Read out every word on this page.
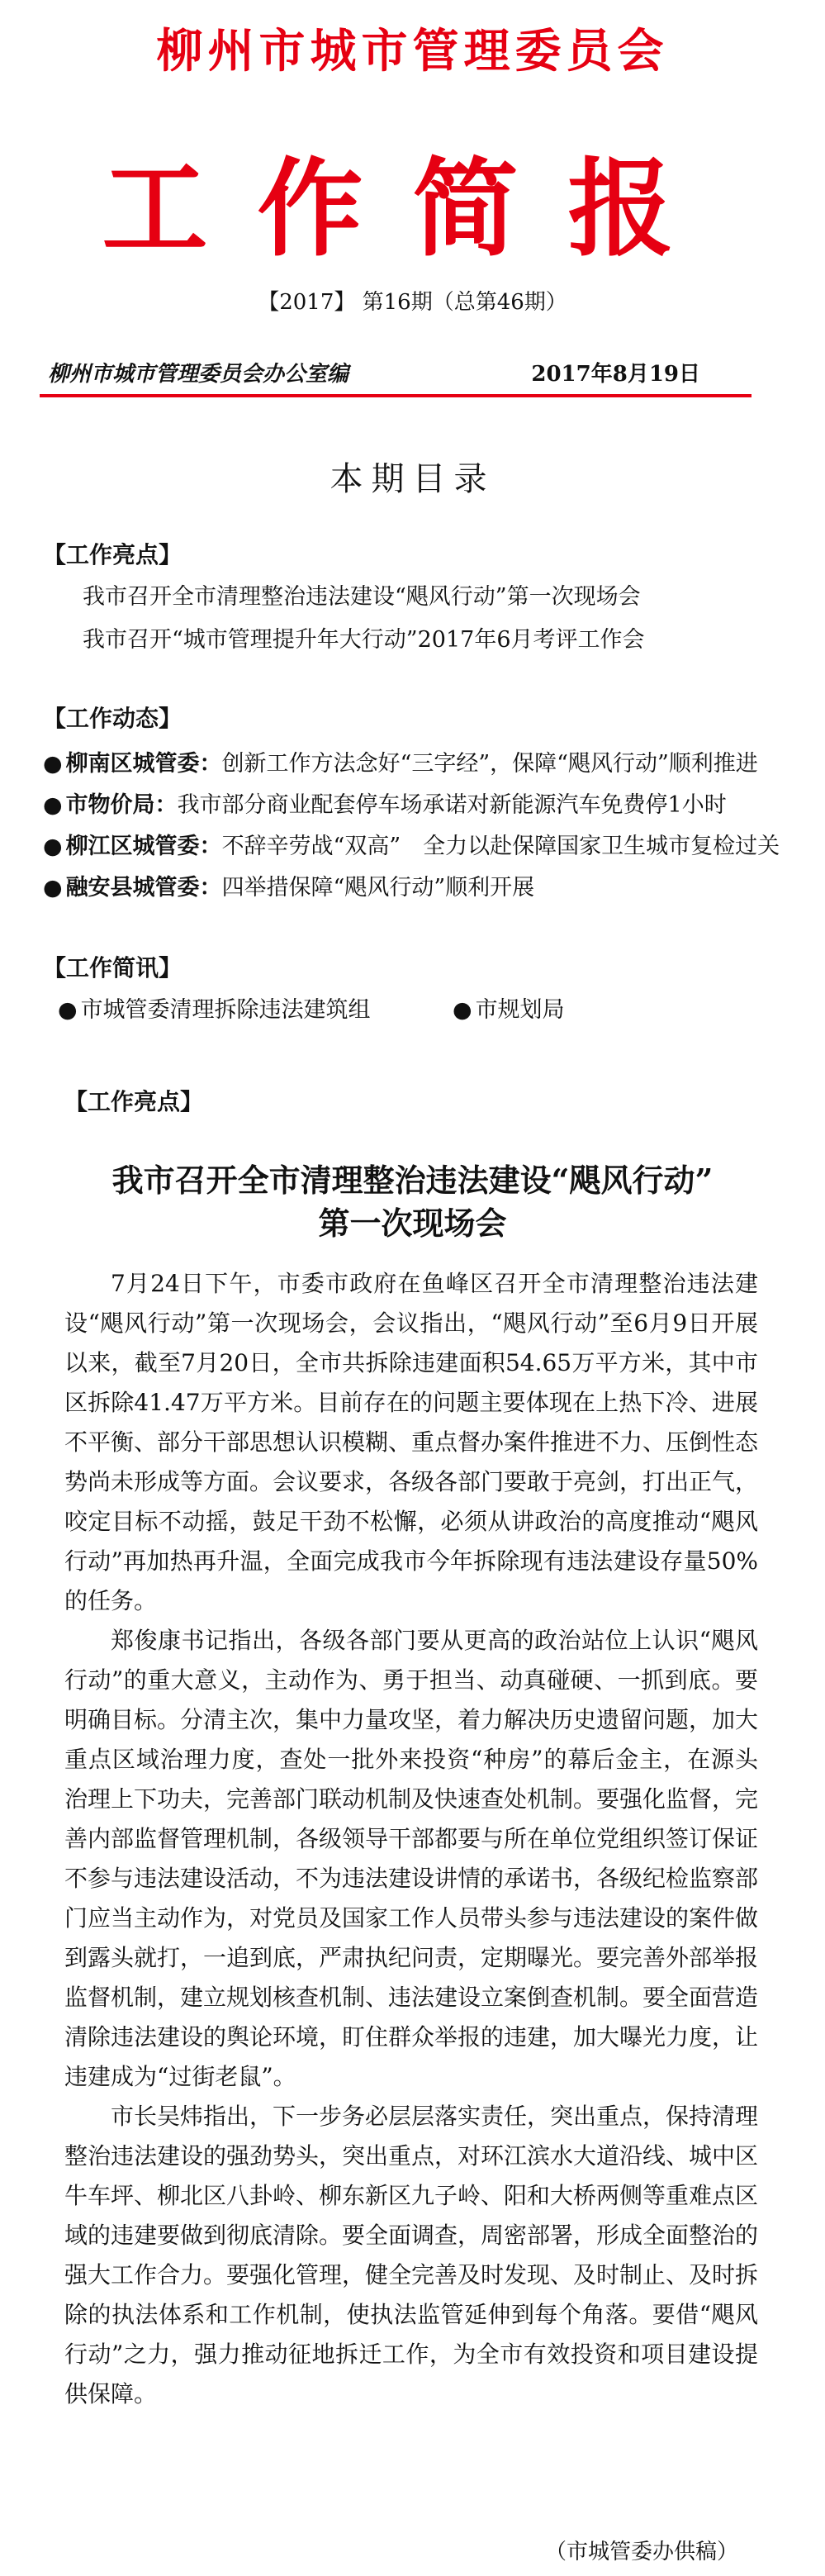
柳州市城市管理委员会
工作简报
【2017】 第16期（总第46期）
柳州市城市管理委员会办公室编	2017年8月19日
本期目录
【工作亮点】
我市召开全市清理整治违法建设“飓风行动”第一次现场会
我市召开“城市管理提升年大行动”2017年6月考评工作会
【工作动态】
● 柳南区城管委：创新工作方法念好“三字经”，保障“飓风行动”顺利推进
● 市物价局：我市部分商业配套停车场承诺对新能源汽车免费停1小时
● 柳江区城管委：不辞辛劳战“双高”　全力以赴保障国家卫生城市复检过关
● 融安县城管委：四举措保障“飓风行动”顺利开展
【工作简讯】
● 市城管委清理拆除违法建筑组	● 市规划局
【工作亮点】
我市召开全市清理整治违法建设“飓风行动”
第一次现场会

7月24日下午，市委市政府在鱼峰区召开全市清理整治违法建设“飓风行动”第一次现场会，会议指出，“飓风行动”至6月9日开展以来，截至7月20日，全市共拆除违建面积54.65万平方米，其中市区拆除41.47万平方米。目前存在的问题主要体现在上热下冷、进展不平衡、部分干部思想认识模糊、重点督办案件推进不力、压倒性态势尚未形成等方面。会议要求，各级各部门要敢于亮剑，打出正气，咬定目标不动摇，鼓足干劲不松懈，必须从讲政治的高度推动“飓风行动”再加热再升温，全面完成我市今年拆除现有违法建设存量50%的任务。

郑俊康书记指出，各级各部门要从更高的政治站位上认识“飓风行动”的重大意义，主动作为、勇于担当、动真碰硬、一抓到底。要明确目标。分清主次，集中力量攻坚，着力解决历史遗留问题，加大重点区域治理力度，查处一批外来投资“种房”的幕后金主，在源头治理上下功夫，完善部门联动机制及快速查处机制。要强化监督，完善内部监督管理机制，各级领导干部都要与所在单位党组织签订保证不参与违法建设活动，不为违法建设讲情的承诺书，各级纪检监察部门应当主动作为，对党员及国家工作人员带头参与违法建设的案件做到露头就打，一追到底，严肃执纪问责，定期曝光。要完善外部举报监督机制，建立规划核查机制、违法建设立案倒查机制。要全面营造清除违法建设的舆论环境，盯住群众举报的违建，加大曝光力度，让违建成为“过街老鼠”。

市长吴炜指出，下一步务必层层落实责任，突出重点，保持清理整治违法建设的强劲势头，突出重点，对环江滨水大道沿线、城中区牛车坪、柳北区八卦岭、柳东新区九子岭、阳和大桥两侧等重难点区域的违建要做到彻底清除。要全面调查，周密部署，形成全面整治的强大工作合力。要强化管理，健全完善及时发现、及时制止、及时拆除的执法体系和工作机制，使执法监管延伸到每个角落。要借“飓风行动”之力，强力推动征地拆迁工作，为全市有效投资和项目建设提供保障。

（市城管委办供稿）
